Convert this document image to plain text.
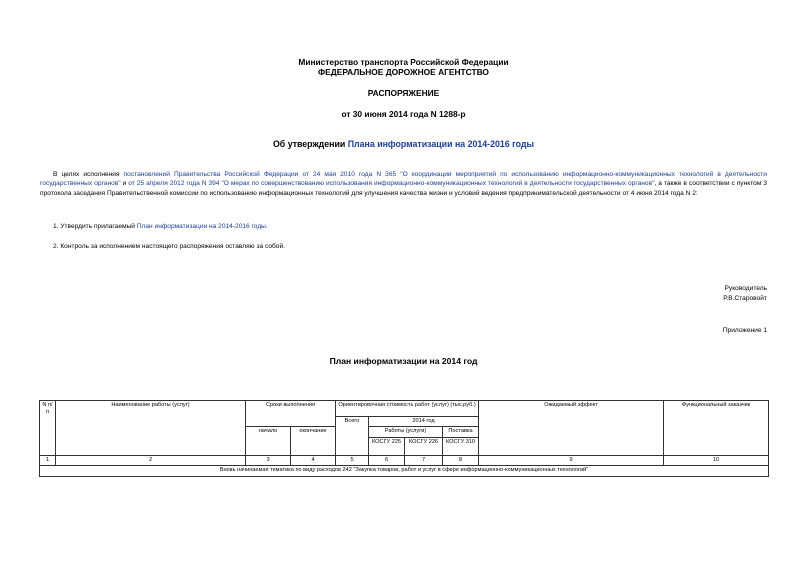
Министерство транспорта Российской Федерации
ФЕДЕРАЛЬНОЕ ДОРОЖНОЕ АГЕНТСТВО
РАСПОРЯЖЕНИЕ
от 30 июня 2014 года N 1288-р
Об утверждении Плана информатизации на 2014-2016 годы
В целях исполнения постановлений Правительства Российской Федерации от 24 мая 2010 года N 365 "О координации мероприятий по использованию информационно-коммуникационных технологий в деятельности государственных органов" и от 25 апреля 2012 года N 394 "О мерах по совершенствованию использования информационно-коммуникационных технологий в деятельности государственных органов", а также в соответствии с пунктом 3 протокола заседания Правительственной комиссии по использованию информационных технологий для улучшения качества жизни и условий ведения предпринимательской деятельности от 4 июня 2014 года N 2:
1. Утвердить прилагаемый План информатизации на 2014-2016 годы.
2. Контроль за исполнением настоящего распоряжения оставляю за собой.
Руководитель
Р.В.Старовойт
Приложение 1
План информатизации на 2014 год
N п/п	Наименование работы (услуг)	Сроки выполнения		Ориентировочная стоимость работ (услуг) (тыс.руб.)				Ожидаемый эффект	Функциональный заказчик
				Всего	2014 год				
		начало	окончание		Работы (услуги)		Поставка		
					КОСГУ 225	КОСГУ 226	КОСГУ 310		
1	2	3	4	5	6	7	8	9	10
Вновь начинаемая тематика по виду расходов 242 "Закупка товаров, работ и услуг в сфере информационно-коммуникационных технологий"									
